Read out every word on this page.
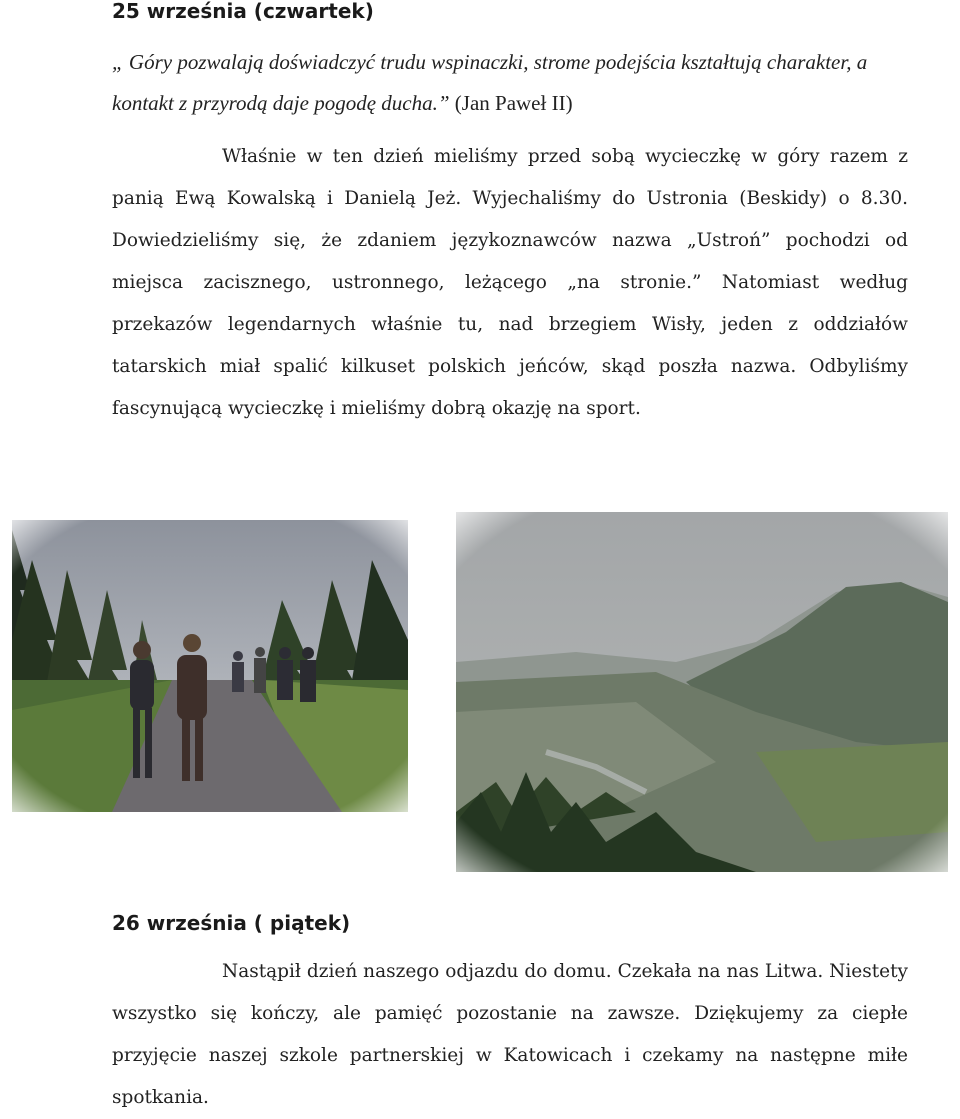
25 września (czwartek)

„ Góry pozwalają doświadczyć trudu wspinaczki, strome podejścia kształtują charakter, a kontakt z przyrodą daje pogodę ducha.” (Jan Paweł II)

Właśnie w ten dzień mieliśmy przed sobą wycieczkę w góry razem z panią Ewą Kowalską i Danielą Jeż. Wyjechaliśmy do Ustronia (Beskidy) o 8.30. Dowiedzieliśmy się, że zdaniem językoznawców nazwa „Ustroń” pochodzi od miejsca zacisznego, ustronnego, leżącego „na stronie.” Natomiast według przekazów legendarnych właśnie tu, nad brzegiem Wisły, jeden z oddziałów tatarskich miał spalić kilkuset polskich jeńców, skąd poszła nazwa. Odbyliśmy fascynującą wycieczkę i mieliśmy dobrą okazję na sport.

26 września ( piątek)

Nastąpił dzień naszego odjazdu do domu. Czekała na nas Litwa. Niestety wszystko się kończy, ale pamięć pozostanie na zawsze. Dziękujemy za ciepłe przyjęcie naszej szkole partnerskiej w Katowicach i czekamy na następne miłe spotkania.
